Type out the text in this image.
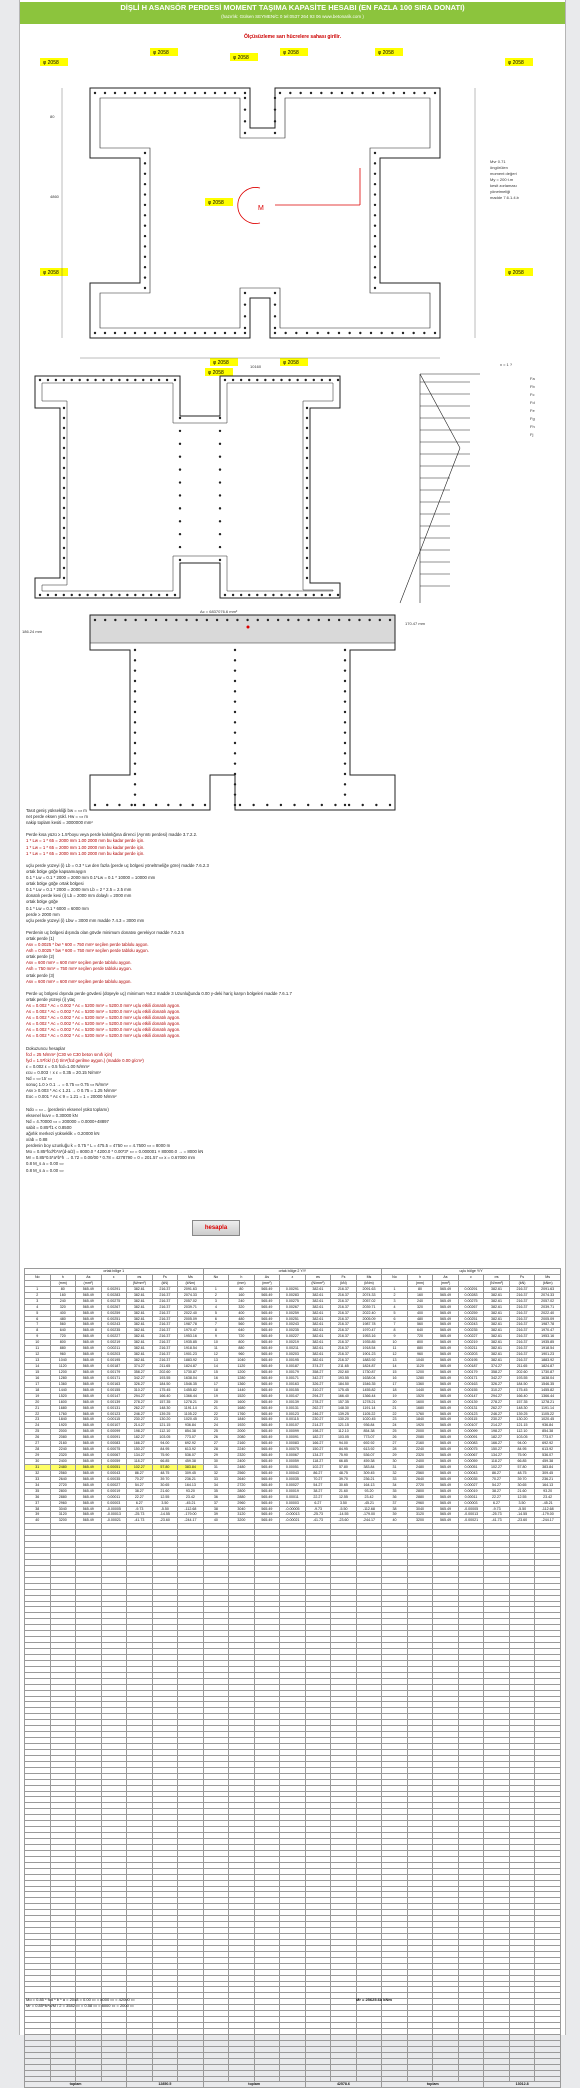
DİŞLİ H ASANSÖR PERDESİ MOMENT TAŞIMA KAPASİTE HESABI (EN FAZLA 100 SIRA DONATI)
(hazırlık: Gülsen SEYMEN/C 0 tel:0537 264 93 06 www.betonarik.com )
Ölçüsüzleme sarı hücrelere sahası girilir.
φ 2058
φ 2058
φ 2058	φ 2058
φ 2058	φ 2058
φ 2058
φ 2058	φ 2058
φ 2058	φ 2058
φ 2058
80
4860
10160
M
Mvr 0.71
öngörülen
moment değeri
My = 200 t.m
kesit zorlaması
yönetmeliği
madde 7.6.1.4.b
Fa
Fb
Fc
Fd
Fe
Fg
Fh
Fj
x = 1 ?
186.24 mm
170.47 mm
Ac = 6837076.6 mm²
Tasıt geniş yüksekliği bw = ▭ m
net perde eksen yükl. Hw = ▭ m
nakip toplam kesiti = 3000000 mm²
Perde kısa yüzü ≥ 1.5*boyu veya perde kalınlığına direnci (Ayrıntı perdesi) madde 3.7.2.2.
1 * Lw = 1 * 65 = 2000 mm 1.00 2000 mm bu kadar perde için.
1 * Lw = 1 * 65 = 2000 mm 1.00 2000 mm bu kadar perde için.
1 * Lw = 1 * 65 = 2000 mm 1.00 2000 mm bu kadar perde için.
uçlu perde yüzeyi (i) Lb = 0.3 * Lw den fazla (perde uç bölgesi yöneltmeliğe göre) madde 7.6.2.3
ortak bölge göğe kapsamıaygın
0.1 * Lw = 0.1 * 2000 = 2000 mm 0.1*Lw = 0.1 * 10000 = 10000 mm
ortak bölge göğe ortak bölgesi
0.1 * Lw = 0.1 * 2000 = 2000 mm Lb = 2 * 2.5 = 2.5 mm
donatılı perde kesi (i) Lb = 2000 mm dolaylı = 2000 mm
ortak bölge göğe
0.1 * Lw = 0.1 * 6000 = 6000 mm
perde ≥ 2000 mm
uçlu perde yüzeyi (i) Lbw = 3000 mm madde 7.4.3 = 3000 mm
Perdenin uç bölgesi dışında olan gövde minimum donatısı gerekiyor madde 7.6.2.5
ortak perde (1)
Asv = 0.0025 * bw * 600 = 750 mm² seçilen perde tablolu aygon.
Ash = 0.0025 * bw * 600 = 750 mm² seçilen perde tablolu aygon.
ortak perde (2)
Asv = 600 mm² = 600 mm² seçilen perde tablolu aygon.
Ash = 750 mm² = 750 mm² seçilen perde tablolu aygon.
ortak perde (3)
Asv = 600 mm² = 600 mm² seçilen perde tablolu aygon.
Perde uç bölgesi dışında perde gövdesi (düşeyle uç) minimum %0.2 madde 3 Uzunluğunda 0.00 y-deki hariç karşın bölgeleri madde 7.6.1.7
ortak perde yüzeyi (i) ytaç
As = 0.002 * Ac = 0.002 * Ac = 5200 mm² = 5200.0 mm² uçlu etkili donatılı aygon.
As = 0.002 * Ac = 0.002 * Ac = 5200 mm² = 5200.0 mm² uçlu etkili donatılı aygon.
As = 0.002 * Ac = 0.002 * Ac = 5200 mm² = 5200.0 mm² uçlu etkili donatılı aygon.
As = 0.002 * Ac = 0.002 * Ac = 5200 mm² = 5200.0 mm² uçlu etkili donatılı aygon.
As = 0.002 * Ac = 0.002 * Ac = 5200 mm² = 5200.0 mm² uçlu etkili donatılı aygon.
As = 0.002 * Ac = 0.002 * Ac = 5200 mm² = 5200.0 mm² uçlu etkili donatılı aygon.
Dokuzuncu hesaplar
fcd = 25 N/mm² (C30 ve C30 beton sınıfı için)
fyd = 1.5*fck/ (t.t) t/m²(fcd gerilme aygon.) (madde 0.00 g/cm²)
ε = 0.002 ε = 0.5 fcd=1.00 N/mm²
εcu = 0.003 ↑ x ε = 0.35 = 20.15 N/mm²
Nd = ▭ t.tr ▭
sonuç 1.0 ≥ 0.1 → = 0.75 ▭ 0.75 ▭ N/mm²
Asv ≥ 0.003 * Ac ≤ 1.21 → 0 0.75 = 1.25 N/mm²
Eoc = 0.001 * Ac ≤ 9 = 1.21 = 1 = 20000 N/mm²
Ndo = ▭ .. (perdenin eksenel yükü toplamı)
eksenel kuvv = 0.30000 kN
Nd = 4.70000 ▭ = 200000 = 0.0000+48897
sabit = 0.85*f1 ≤ 0.8500
ağırlık merkezi yükseklik = 0.20000 kN
x/ab = 0.88
perdenin boy uzunluğu k = 0.75 * L = 475.5 = 4750 ▭ = 4.7500 ▭ = 8000 m
Mo = 0.85*fcd*b*a*(d-a/2) = 8000.0 * 4200.0 * 0.00*3* ▭ = 0.000001 × 80000.0 → = 8000 kN
Mr = 0.85*0.5*a*b*h → 0.72 = 0.00/00 * 0.78 = 4278790 = 0 = 201.57 ▭ x = 0.67000 mm
0.8 M_s a = 0.00 ▭
0.8 M_s a = 0.00 ▭
hesapla
ortak bölge 1							ortak bölge 2 Y/Y							uçlu bölge Y/Y						
No	h	As	ε	σs	Fs	Ms	No	h	As	ε	σs	Fs	Ms	No	h	As	ε	σs	Fs	Ms
	(mm)	(mm²)		(N/mm²)	(kN)	(kNm)		(mm)	(mm²)		(N/mm²)	(kN)	(kNm)		(mm)	(mm²)		(N/mm²)	(kN)	(kNm)
1	80	565.49	0.00291	382.61	216.37	2091.63	1	80	565.49	0.00291	382.61	216.37	2091.63	1	80	565.49	0.00291	382.61	216.37	2091.63
2	160	565.49	0.00283	382.61	216.37	2074.33	2	160	565.49	0.00283	382.61	216.37	2074.33	2	160	565.49	0.00283	382.61	216.37	2074.33
3	240	565.49	0.00275	382.61	216.37	2057.02	3	240	565.49	0.00275	382.61	216.37	2057.02	3	240	565.49	0.00275	382.61	216.37	2057.02
4	320	565.49	0.00267	382.61	216.37	2039.71	4	320	565.49	0.00267	382.61	216.37	2039.71	4	320	565.49	0.00267	382.61	216.37	2039.71
5	400	565.49	0.00259	382.61	216.37	2022.40	5	400	565.49	0.00259	382.61	216.37	2022.40	5	400	565.49	0.00259	382.61	216.37	2022.40
6	480	565.49	0.00251	382.61	216.37	2005.09	6	480	565.49	0.00251	382.61	216.37	2005.09	6	480	565.49	0.00251	382.61	216.37	2005.09
7	560	565.49	0.00243	382.61	216.37	1987.78	7	560	565.49	0.00243	382.61	216.37	1987.78	7	560	565.49	0.00243	382.61	216.37	1987.78
8	640	565.49	0.00235	382.61	216.37	1970.47	8	640	565.49	0.00235	382.61	216.37	1970.47	8	640	565.49	0.00235	382.61	216.37	1970.47
9	720	565.49	0.00227	382.61	216.37	1953.16	9	720	565.49	0.00227	382.61	216.37	1953.16	9	720	565.49	0.00227	382.61	216.37	1953.16
10	800	565.49	0.00219	382.61	216.37	1935.85	10	800	565.49	0.00219	382.61	216.37	1935.85	10	800	565.49	0.00219	382.61	216.37	1935.85
11	880	565.49	0.00211	382.61	216.37	1918.54	11	880	565.49	0.00211	382.61	216.37	1918.54	11	880	565.49	0.00211	382.61	216.37	1918.54
12	960	565.49	0.00203	382.61	216.37	1901.23	12	960	565.49	0.00203	382.61	216.37	1901.23	12	960	565.49	0.00203	382.61	216.37	1901.23
13	1040	565.49	0.00195	382.61	216.37	1883.92	13	1040	565.49	0.00195	382.61	216.37	1883.92	13	1040	565.49	0.00195	382.61	216.37	1883.92
14	1120	565.49	0.00187	374.27	211.65	1824.87	14	1120	565.49	0.00187	374.27	211.65	1824.87	14	1120	565.49	0.00187	374.27	211.65	1824.87
15	1200	565.49	0.00179	358.27	202.60	1730.87	15	1200	565.49	0.00179	358.27	202.60	1730.87	15	1200	565.49	0.00179	358.27	202.60	1730.87
16	1280	565.49	0.00171	342.27	193.55	1638.04	16	1280	565.49	0.00171	342.27	193.55	1638.04	16	1280	565.49	0.00171	342.27	193.55	1638.04
17	1360	565.49	0.00163	326.27	184.50	1546.35	17	1360	565.49	0.00163	326.27	184.50	1546.35	17	1360	565.49	0.00163	326.27	184.50	1546.35
18	1440	565.49	0.00155	310.27	175.45	1455.82	18	1440	565.49	0.00155	310.27	175.45	1455.82	18	1440	565.49	0.00155	310.27	175.45	1455.82
19	1520	565.49	0.00147	294.27	166.40	1366.44	19	1520	565.49	0.00147	294.27	166.40	1366.44	19	1520	565.49	0.00147	294.27	166.40	1366.44
20	1600	565.49	0.00139	278.27	157.35	1278.21	20	1600	565.49	0.00139	278.27	157.35	1278.21	20	1600	565.49	0.00139	278.27	157.35	1278.21
21	1680	565.49	0.00131	262.27	148.30	1191.14	21	1680	565.49	0.00131	262.27	148.30	1191.14	21	1680	565.49	0.00131	262.27	148.30	1191.14
22	1760	565.49	0.00123	246.27	139.25	1105.22	22	1760	565.49	0.00123	246.27	139.25	1105.22	22	1760	565.49	0.00123	246.27	139.25	1105.22
23	1840	565.49	0.00115	230.27	130.20	1020.45	23	1840	565.49	0.00115	230.27	130.20	1020.45	23	1840	565.49	0.00115	230.27	130.20	1020.45
24	1920	565.49	0.00107	214.27	121.15	936.84	24	1920	565.49	0.00107	214.27	121.15	936.84	24	1920	565.49	0.00107	214.27	121.15	936.84
25	2000	565.49	0.00099	198.27	112.10	854.38	25	2000	565.49	0.00099	198.27	112.10	854.38	25	2000	565.49	0.00099	198.27	112.10	854.38
26	2080	565.49	0.00091	182.27	103.05	773.07	26	2080	565.49	0.00091	182.27	103.05	773.07	26	2080	565.49	0.00091	182.27	103.05	773.07
27	2160	565.49	0.00083	166.27	94.00	692.92	27	2160	565.49	0.00083	166.27	94.00	692.92	27	2160	565.49	0.00083	166.27	94.00	692.92
28	2240	565.49	0.00075	150.27	84.95	613.92	28	2240	565.49	0.00075	150.27	84.95	613.92	28	2240	565.49	0.00075	150.27	84.95	613.92
29	2320	565.49	0.00067	134.27	75.90	536.07	29	2320	565.49	0.00067	134.27	75.90	536.07	29	2320	565.49	0.00067	134.27	75.90	536.07
30	2400	565.49	0.00059	118.27	66.85	459.38	30	2400	565.49	0.00059	118.27	66.85	459.38	30	2400	565.49	0.00059	118.27	66.85	459.38
31	2480	565.49	0.00051	102.27	57.80	383.84	31	2480	565.49	0.00051	102.27	57.80	383.84	31	2480	565.49	0.00051	102.27	57.80	383.84
32	2560	565.49	0.00043	86.27	48.75	309.45	32	2560	565.49	0.00043	86.27	48.75	309.45	32	2560	565.49	0.00043	86.27	48.75	309.45
33	2640	565.49	0.00035	70.27	39.70	236.21	33	2640	565.49	0.00035	70.27	39.70	236.21	33	2640	565.49	0.00035	70.27	39.70	236.21
34	2720	565.49	0.00027	54.27	30.65	164.13	34	2720	565.49	0.00027	54.27	30.65	164.13	34	2720	565.49	0.00027	54.27	30.65	164.13
35	2800	565.49	0.00019	38.27	21.60	93.20	35	2800	565.49	0.00019	38.27	21.60	93.20	35	2800	565.49	0.00019	38.27	21.60	93.20
36	2880	565.49	0.00011	22.27	12.55	23.42	36	2880	565.49	0.00011	22.27	12.55	23.42	36	2880	565.49	0.00011	22.27	12.55	23.42
37	2960	565.49	0.00003	6.27	3.50	-45.21	37	2960	565.49	0.00003	6.27	3.50	-45.21	37	2960	565.49	0.00003	6.27	3.50	-45.21
38	3040	565.49	-0.00005	-9.73	-5.50	-112.68	38	3040	565.49	-0.00005	-9.73	-5.50	-112.68	38	3040	565.49	-0.00005	-9.73	-5.50	-112.68
39	3120	565.49	-0.00013	-25.73	-14.55	-179.00	39	3120	565.49	-0.00013	-25.73	-14.55	-179.00	39	3120	565.49	-0.00013	-25.73	-14.55	-179.00
40	3200	565.49	-0.00021	-41.73	-23.60	-244.17	40	3200	565.49	-0.00021	-41.73	-23.60	-244.17	40	3200	565.49	-0.00021	-41.73	-23.60	-244.17

toplam				12850.5			toplam				42578.6			toplam				13012.8		
Mo = 0.85 * fcd * b * a = 2048 = 0.00 ▭ = 8000 ▭ = 42000 ▭
Mr = 0.85*fc*d/M / 2 = 3582 ▭ = 0.58 ▭ = 8000 ▭ = 2000 ▭
Mr = 25625.68 kNm
